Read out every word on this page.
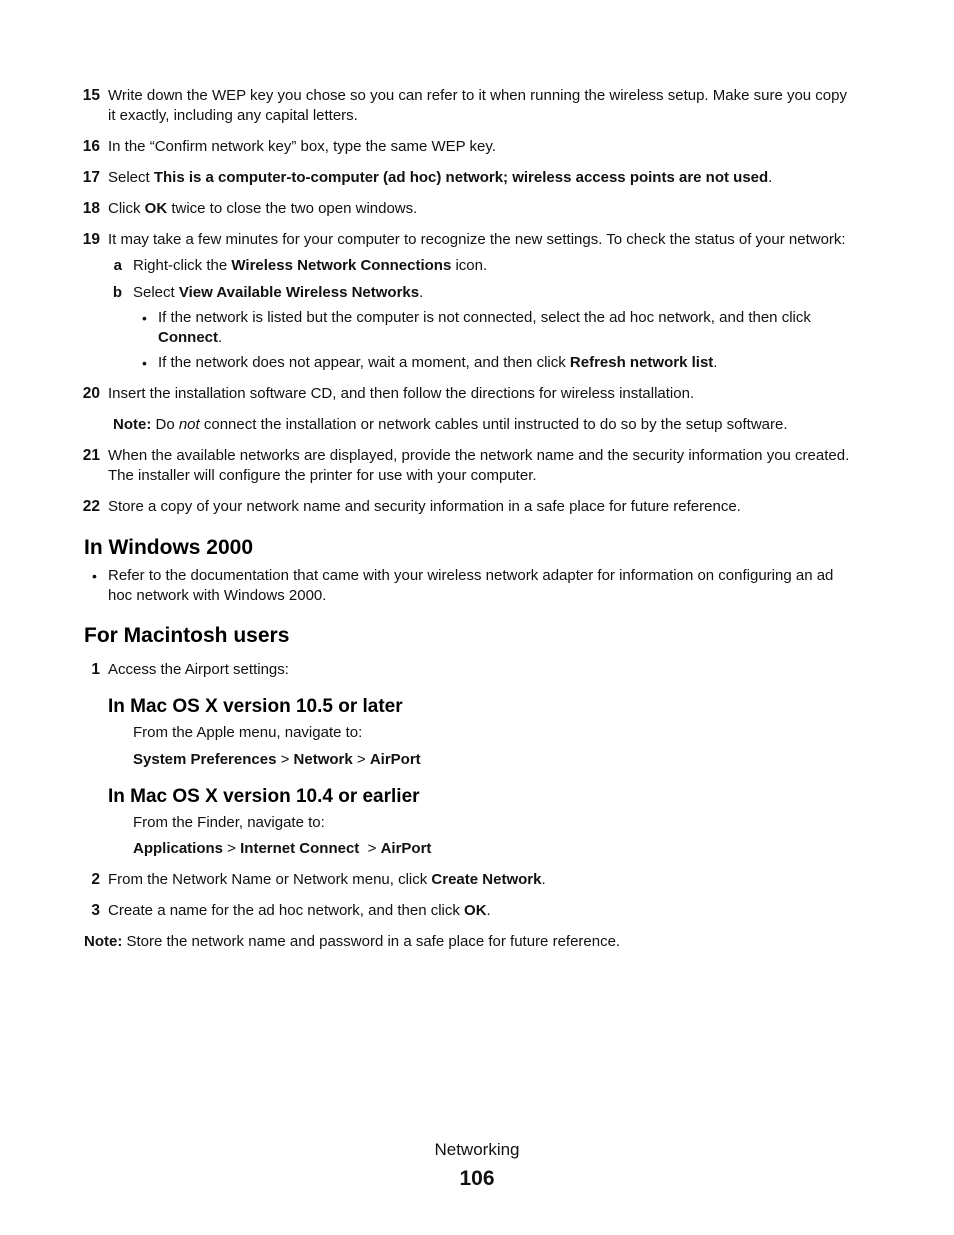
15 Write down the WEP key you chose so you can refer to it when running the wireless setup. Make sure you copy
it exactly, including any capital letters.
16 In the “Confirm network key” box, type the same WEP key.
17 Select This is a computer-to-computer (ad hoc) network; wireless access points are not used.
18 Click OK twice to close the two open windows.
19 It may take a few minutes for your computer to recognize the new settings. To check the status of your network:
a Right-click the Wireless Network Connections icon.
b Select View Available Wireless Networks.
• If the network is listed but the computer is not connected, select the ad hoc network, and then click
Connect.
• If the network does not appear, wait a moment, and then click Refresh network list.
20 Insert the installation software CD, and then follow the directions for wireless installation.
Note: Do not connect the installation or network cables until instructed to do so by the setup software.
21 When the available networks are displayed, provide the network name and the security information you created.
The installer will configure the printer for use with your computer.
22 Store a copy of your network name and security information in a safe place for future reference.
In Windows 2000
• Refer to the documentation that came with your wireless network adapter for information on configuring an ad
hoc network with Windows 2000.
For Macintosh users
1 Access the Airport settings:
In Mac OS X version 10.5 or later
From the Apple menu, navigate to:
System Preferences > Network > AirPort
In Mac OS X version 10.4 or earlier
From the Finder, navigate to:
Applications > Internet Connect  > AirPort
2 From the Network Name or Network menu, click Create Network.
3 Create a name for the ad hoc network, and then click OK.
Note: Store the network name and password in a safe place for future reference.
Networking
106
